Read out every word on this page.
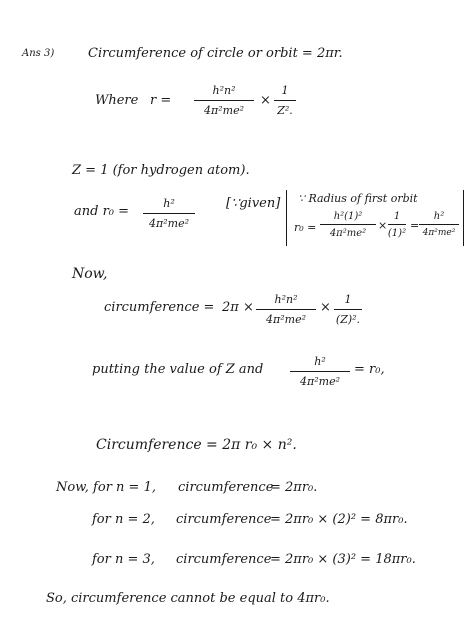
Ans 3)	Circumference of circle or orbit = 2πr.
Where r =
h²n²
4π²me²
×
1
Z².
Z = 1 (for hydrogen atom).
and r₀ =
h²
4π²me²
[∵given] ∵ Radius of first orbit
r₀ =
h²(1)²
4π²me²
×
1
(1)²
=
h²
4π²me²
Now,
circumference = 2π ×
h²n²
4π²me²
×
1
(Z)².
putting the value of Z and
h²
4π²me²
= r₀,
Circumference = 2π r₀ × n².
Now, for n = 1, circumference
= 2πr₀.
for n = 2, circumference
= 2πr₀ × (2)² = 8πr₀.
for n = 3, circumference
= 2πr₀ × (3)² = 18πr₀.
So, circumference cannot be equal to 4πr₀.
